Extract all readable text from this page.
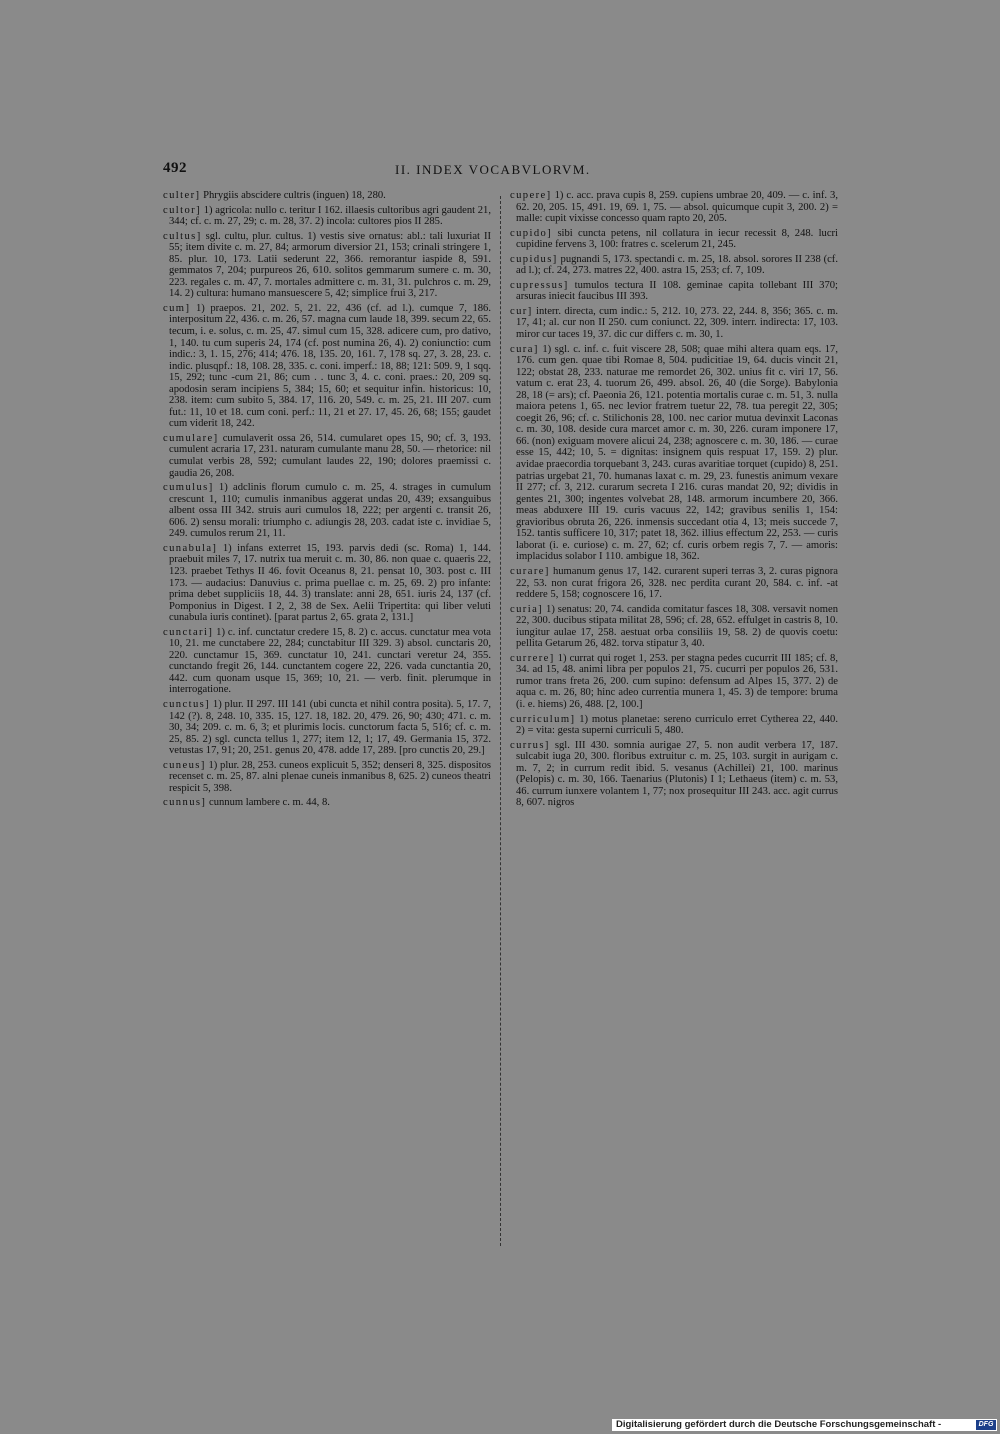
492	II. INDEX VOCABVLORVM.

culter] Phrygiis abscidere cultris (inguen) 18, 280.

cultor] 1) agricola: nullo c. teritur I 162. illaesis cultoribus agri gaudent 21, 344; cf. c. m. 27, 29; c. m. 28, 37. 2) incola: cultores pios II 285.

cultus] sgl. cultu, plur. cultus. 1) vestis sive ornatus: abl.: tali luxuriat II 55; item divite c. m. 27, 84; armorum diversior 21, 153; crinali stringere 1, 85. plur. 10, 173. Latii sederunt 22, 366. remorantur iaspide 8, 591. gemmatos 7, 204; purpureos 26, 610. solitos gemmarum sumere c. m. 30, 223. regales c. m. 47, 7. mortales admittere c. m. 31, 31. pulchros c. m. 29, 14. 2) cultura: humano mansuescere 5, 42; simplice frui 3, 217.

cum] 1) praepos. 21, 202. 5, 21. 22, 436 (cf. ad l.). cumque 7, 186. interpositum 22, 436. c. m. 26, 57. magna cum laude 18, 399. secum 22, 65. tecum, i. e. solus, c. m. 25, 47. simul cum 15, 328. adicere cum, pro dativo, 1, 140. tu cum superis 24, 174 (cf. post numina 26, 4). 2) coniunctio: cum indic.: 3, 1. 15, 276; 414; 476. 18, 135. 20, 161. 7, 178 sq. 27, 3. 28, 23. c. indic. plusqpf.: 18, 108. 28, 335. c. coni. imperf.: 18, 88; 121: 509. 9, 1 sqq. 15, 292; tunc -cum 21, 86; cum . . tunc 3, 4. c. coni. praes.: 20, 209 sq. apodosin seram incipiens 5, 384; 15, 60; et sequitur infin. historicus: 10, 238. item: cum subito 5, 384. 17, 116. 20, 549. c. m. 25, 21. III 207. cum fut.: 11, 10 et 18. cum coni. perf.: 11, 21 et 27. 17, 45. 26, 68; 155; gaudet cum viderit 18, 242.

cumulare] cumulaverit ossa 26, 514. cumularet opes 15, 90; cf. 3, 193. cumulent acraria 17, 231. naturam cumulante manu 28, 50. — rhetorice: nil cumulat verbis 28, 592; cumulant laudes 22, 190; dolores praemissi c. gaudia 26, 208.

cumulus] 1) adclinis florum cumulo c. m. 25, 4. strages in cumulum crescunt 1, 110; cumulis inmanibus aggerat undas 20, 439; exsanguibus albent ossa III 342. struis auri cumulos 18, 222; per argenti c. transit 26, 606. 2) sensu morali: triumpho c. adiungis 28, 203. cadat iste c. invidiae 5, 249. cumulos rerum 21, 11.

cunabula] 1) infans exterret 15, 193. parvis dedi (sc. Roma) 1, 144. praebuit miles 7, 17. nutrix tua meruit c. m. 30, 86. non quae c. quaeris 22, 123. praebet Tethys II 46. fovit Oceanus 8, 21. pensat 10, 303. post c. III 173. — audacius: Danuvius c. prima puellae c. m. 25, 69. 2) pro infante: prima debet suppliciis 18, 44. 3) translate: anni 28, 651. iuris 24, 137 (cf. Pomponius in Digest. I 2, 2, 38 de Sex. Aelii Tripertita: qui liber veluti cunabula iuris continet). [parat partus 2, 65. grata 2, 131.]

cunctari] 1) c. inf. cunctatur credere 15, 8. 2) c. accus. cunctatur mea vota 10, 21. me cunctabere 22, 284; cunctabitur III 329. 3) absol. cunctaris 20, 220. cunctamur 15, 369. cunctatur 10, 241. cunctari veretur 24, 355. cunctando fregit 26, 144. cunctantem cogere 22, 226. vada cunctantia 20, 442. cum quonam usque 15, 369; 10, 21. — verb. finit. plerumque in interrogatione.

cunctus] 1) plur. II 297. III 141 (ubi cuncta et nihil contra posita). 5, 17. 7, 142 (?). 8, 248. 10, 335. 15, 127. 18, 182. 20, 479. 26, 90; 430; 471. c. m. 30, 34; 209. c. m. 6, 3; et plurimis locis. cunctorum facta 5, 516; cf. c. m. 25, 85. 2) sgl. cuncta tellus 1, 277; item 12, 1; 17, 49. Germania 15, 372. vetustas 17, 91; 20, 251. genus 20, 478. adde 17, 289. [pro cunctis 20, 29.]

cuneus] 1) plur. 28, 253. cuneos explicuit 5, 352; denseri 8, 325. dispositos recenset c. m. 25, 87. alni plenae cuneis inmanibus 8, 625. 2) cuneos theatri respicit 5, 398.

cunnus] cunnum lambere c. m. 44, 8.

cupere] 1) c. acc. prava cupis 8, 259. cupiens umbrae 20, 409. — c. inf. 3, 62. 20, 205. 15, 491. 19, 69. 1, 75. — absol. quicumque cupit 3, 200. 2) = malle: cupit vixisse concesso quam rapto 20, 205.

cupido] sibi cuncta petens, nil collatura in iecur recessit 8, 248. lucri cupidine fervens 3, 100: fratres c. scelerum 21, 245.

cupidus] pugnandi 5, 173. spectandi c. m. 25, 18. absol. sorores II 238 (cf. ad l.); cf. 24, 273. matres 22, 400. astra 15, 253; cf. 7, 109.

cupressus] tumulos tectura II 108. geminae capita tollebant III 370; arsuras iniecit faucibus III 393.

cur] interr. directa, cum indic.: 5, 212. 10, 273. 22, 244. 8, 356; 365. c. m. 17, 41; al. cur non II 250. cum coniunct. 22, 309. interr. indirecta: 17, 103. miror cur taces 19, 37. dic cur differs c. m. 30, 1.

cura] 1) sgl. c. inf. c. fuit viscere 28, 508; quae mihi altera quam eqs. 17, 176. cum gen. quae tibi Romae 8, 504. pudicitiae 19, 64. ducis vincit 21, 122; obstat 28, 233. naturae me remordet 26, 302. unius fit c. viri 17, 56. vatum c. erat 23, 4. tuorum 26, 499. absol. 26, 40 (die Sorge). Babylonia 28, 18 (= ars); cf. Paeonia 26, 121. potentia mortalis curae c. m. 51, 3. nulla maiora petens 1, 65. nec levior fratrem tuetur 22, 78. tua peregit 22, 305; coegit 26, 96; cf. c. Stilichonis 28, 100. nec carior mutua devinxit Laconas c. m. 30, 108. deside cura marcet amor c. m. 30, 226. curam imponere 17, 66. (non) exiguam movere alicui 24, 238; agnoscere c. m. 30, 186. — curae esse 15, 442; 10, 5. = dignitas: insignem quis respuat 17, 159. 2) plur. avidae praecordia torquebant 3, 243. curas avaritiae torquet (cupido) 8, 251. patrias urgebat 21, 70. humanas laxat c. m. 29, 23. funestis animum vexare II 277; cf. 3, 212. curarum secreta I 216. curas mandat 20, 92; dividis in gentes 21, 300; ingentes volvebat 28, 148. armorum incumbere 20, 366. meas abduxere III 19. curis vacuus 22, 142; gravibus senilis 1, 154: gravioribus obruta 26, 226. inmensis succedant otia 4, 13; meis succede 7, 152. tantis sufficere 10, 317; patet 18, 362. illius effectum 22, 253. — curis laborat (i. e. curiose) c. m. 27, 62; cf. curis orbem regis 7, 7. — amoris: implacidus solabor I 110. ambigue 18, 362.

curare] humanum genus 17, 142. curarent superi terras 3, 2. curas pignora 22, 53. non curat frigora 26, 328. nec perdita curant 20, 584. c. inf. -at reddere 5, 158; cognoscere 16, 17.

curia] 1) senatus: 20, 74. candida comitatur fasces 18, 308. versavit nomen 22, 300. ducibus stipata militat 28, 596; cf. 28, 652. effulget in castris 8, 10. iungitur aulae 17, 258. aestuat orba consiliis 19, 58. 2) de quovis coetu: pellita Getarum 26, 482. torva stipatur 3, 40.

currere] 1) currat qui roget 1, 253. per stagna pedes cucurrit III 185; cf. 8, 34. ad 15, 48. animi libra per populos 21, 75. cucurri per populos 26, 531. rumor trans freta 26, 200. cum supino: defensum ad Alpes 15, 377. 2) de aqua c. m. 26, 80; hinc adeo currentia munera 1, 45. 3) de tempore: bruma (i. e. hiems) 26, 488. [2, 100.]

curriculum] 1) motus planetae: sereno curriculo erret Cytherea 22, 440. 2) = vita: gesta superni curriculi 5, 480.

currus] sgl. III 430. somnia aurigae 27, 5. non audit verbera 17, 187. sulcabit iuga 20, 300. floribus extruitur c. m. 25, 103. surgit in aurigam c. m. 7, 2; in currum redit ibid. 5. vesanus (Achillei) 21, 100. marinus (Pelopis) c. m. 30, 166. Taenarius (Plutonis) I 1; Lethaeus (item) c. m. 53, 46. currum iunxere volantem 1, 77; nox prosequitur III 243. acc. agit currus 8, 607. nigros

Digitalisierung gefördert durch die Deutsche Forschungsgemeinschaft -	DFG
